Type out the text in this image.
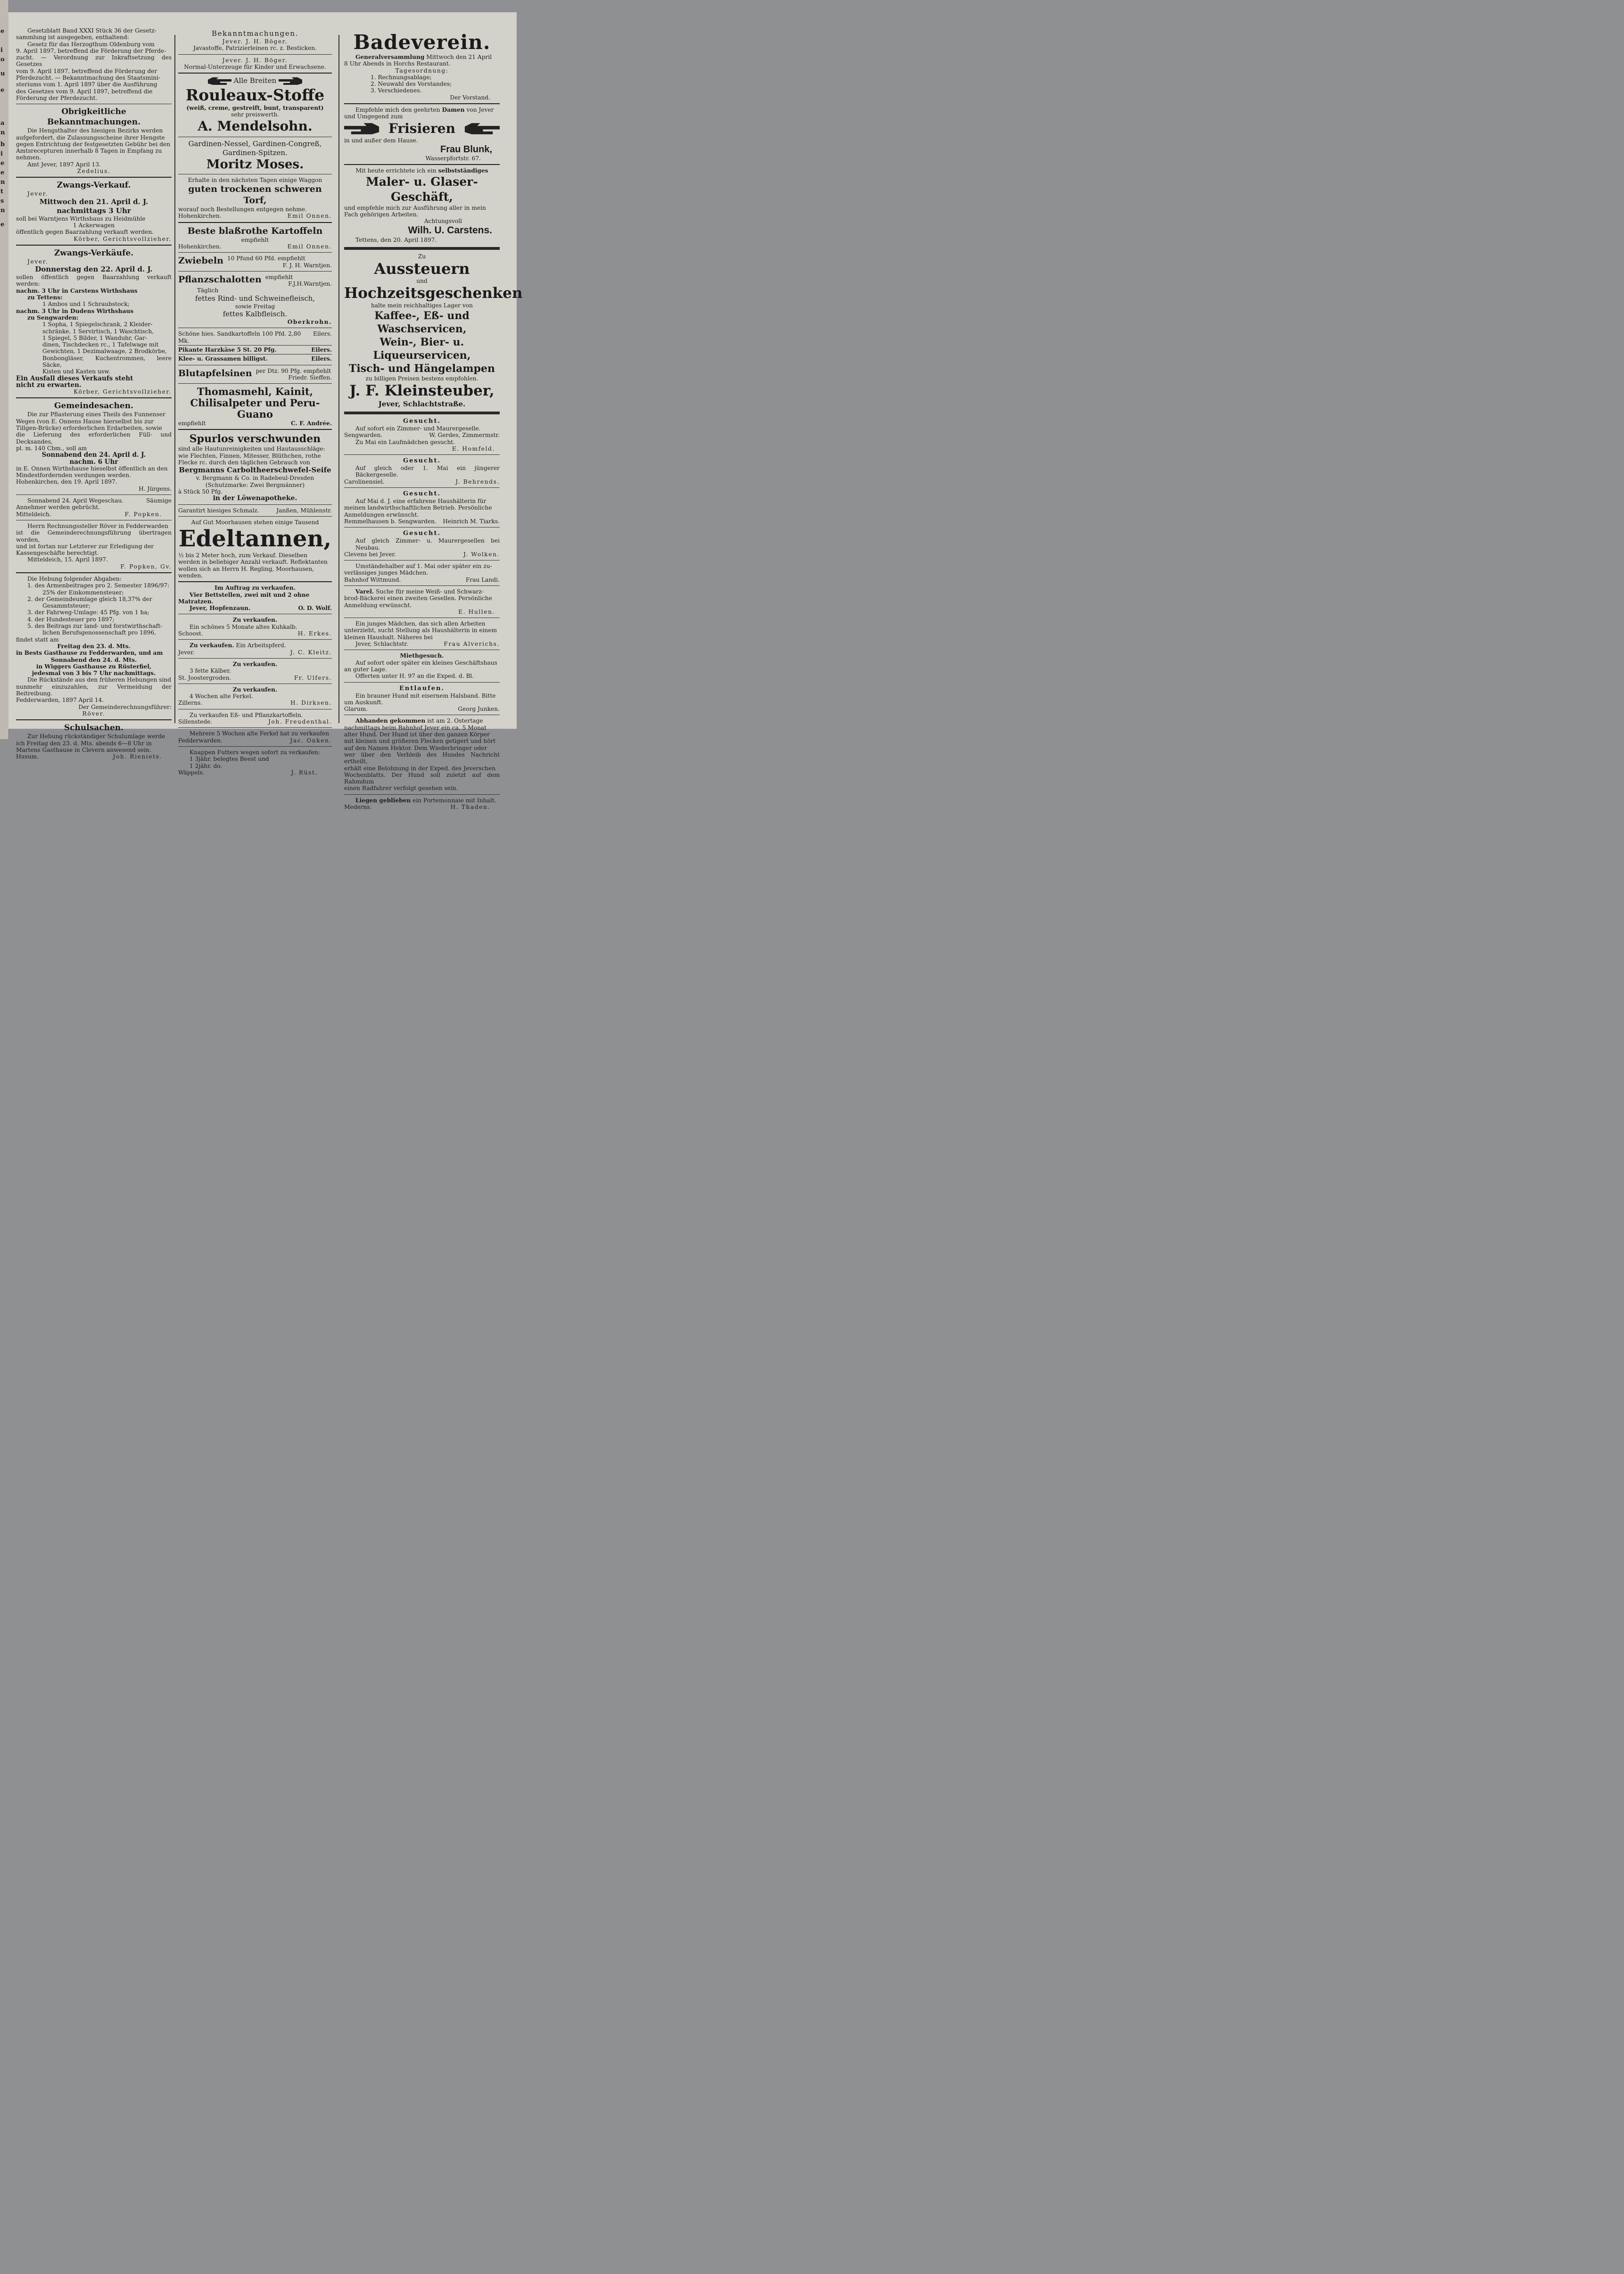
e
i
o
u
e
a
n
b
i
e
e
n
t
s
n
e

Gesetzblatt Band XXXI Stück 36 der Gesetz-

sammlung ist ausgegeben, enthaltend:

Gesetz für das Herzogthum Oldenburg vom

9. April 1897, betreffend die Förderung der Pferde-

zucht. — Verordnung zur Inkraftsetzung des Gesetzes

vom 9. April 1897, betreffend die Förderung der

Pferdezucht. — Bekanntmachung des Staatsmini-

steriums vom 1. April 1897 über die Ausführung

des Gesetzes vom 9. April 1897, betreffend die

Förderung der Pferdezucht.

Obrigkeitliche Bekanntmachungen.

Die Hengsthalter des hiesigen Bezirks werden

aufgefordert, die Zulassungsscheine ihrer Hengste

gegen Entrichtung der festgesetzten Gebühr bei den

Amtsrecepturen innerhalb 8 Tagen in Empfang zu

nehmen.

Amt Jever, 1897 April 13.

Zedelius.

Zwangs-Verkauf.

Jever.

Mittwoch den 21. April d. J.

nachmittags 3 Uhr

soll bei Warntjens Wirthshaus zu Heidmühle

1 Ackerwagen

öffentlich gegen Baarzahlung verkauft werden.

Körber, Gerichtsvollzieher.

Zwangs-Verkäufe.

Jever.

Donnerstag den 22. April d. J.

sollen öffentlich gegen Baarzahlung verkauft werden:

nachm. 3 Uhr in Carstens Wirthshaus

zu Tettens:

1 Ambos und 1 Schraubstock;

nachm. 3 Uhr in Dudens Wirthshaus

zu Sengwarden:

1 Sopha, 1 Spiegelschrank, 2 Kleider-

schränke, 1 Servirtisch, 1 Waschtisch,

1 Spiegel, 5 Bilder, 1 Wanduhr, Gar-

dinen, Tischdecken rc., 1 Tafelwage mit

Gewichten, 1 Dezimalwaage, 2 Brodkörbe,

Bonbongläser, Kuchentrommen, leere Säcke,

Kisten und Kasten usw.

Ein Ausfall dieses Verkaufs steht

nicht zu erwarten.

Körber, Gerichtsvollzieher.

Gemeindesachen.

Die zur Pflasterung eines Theils des Funnenser

Weges (von E. Onnens Hause hierselbst bis zur

Tillgen-Brücke) erforderlichen Erdarbeiten, sowie

die Lieferung des erforderlichen Füll- und Decksandes,

pl. m. 140 Cbm., soll am

Sonnabend den 24. April d. J.

nachm. 6 Uhr

in E. Onnen Wirthshause hieselbst öffentlich an den

Mindestfordernden verdungen werden.

Hohenkirchen, den 19. April 1897.

H. Jürgens.

Sonnabend 24. April Wegeschau.	Säumige

Annehmer werden gebrücht.

Mitteldeich.	F. Popken.

Herrn Rechnungssteller Röver in Fedderwarden

ist die Gemeinderechnungsführung übertragen worden,

und ist fortan nur Letzterer zur Erledigung der

Kassengeschäfte berechtigt.

Mitteldeich, 15. April 1897.

F. Popken, Gv.

Die Hebung folgender Abgaben:

1. des Armenbeitrages pro 2. Semester 1896/97:

25% der Einkommensteuer;

2. der Gemeindeumlage gleich 18,37% der

Gesammtsteuer;

3. der Fahrweg-Umlage: 45 Pfg. von 1 ha;

4. der Hundesteuer pro 1897;

5. des Beitrags zur land- und forstwirthschaft-

lichen Berufsgenossenschaft pro 1896,

findet statt am

Freitag den 23. d. Mts.

in Bests Gasthause zu Fedderwarden, und am

Sonnabend den 24. d. Mts.

in Wiggers Gasthause zu Rüsterfiel,

jedesmal von 3 bis 7 Uhr nachmittags.

Die Rückstände aus den früheren Hebungen sind

nunmehr einzuzahlen, zur Vermeidung der Beitreibung.

Fedderwarden, 1897 April 14.

Der Gemeinderechnungsführer:

Röver.

Schulsachen.

Zur Hebung rückständiger Schulumlage werde

ich Freitag den 23. d. Mts. abends 6—8 Uhr in

Martens Gasthause in Clevern anwesend sein.

Husum.	Joh. Rieniets.

Bekanntmachungen.

Jever. J. H. Böger.

Javastoffe, Patrizierleinen rc. z. Besticken.

Jever. J. H. Böger.

Normal-Unterzeuge für Kinder und Erwachsene.

Alle Breiten

Rouleaux-Stoffe

(weiß, creme, gestreift, bunt, transparent)

sehr preiswerth.

A. Mendelsohn.

Gardinen-Nessel, Gardinen-Congreß,

Gardinen-Spitzen.

Moritz Moses.

Erhalte in den nächsten Tagen einige Waggon

guten trockenen schweren Torf,

worauf noch Bestellungen entgegen nehme.

Hohenkirchen.	Emil Onnen.

Beste blaßrothe Kartoffeln

empfiehlt

Hohenkirchen.	Emil Onnen.
Zwiebeln 10 Pfund 60 Pfd. empfiehlt

F. J. H. Warntjen.

Pflanzschalotten empfiehlt

F.J.H.Warntjen.

Täglich

fettes Rind- und Schweinefleisch,

sowie Freitag

fettes Kalbfleisch.

Oberkrohn.

Schöne hies. Sandkartoffeln 100 Pfd. 2,80 Mk.
Eilers.
Pikante Harzkäse 5 St. 20 Pfg.	Eilers.
Klee- u. Grassamen billigst.	Eilers.
Blutapfelsinen per Dtz. 90 Pfg. empfiehlt

Friedr. Sieffen.

Thomasmehl, Kainit,

Chilisalpeter und Peru-Guano

empfiehlt	C. F. Andrée.

Spurlos verschwunden

sind alle Hautunreinigkeiten und Hautausschläge:

wie Flechten, Finnen, Mitesser, Blüthchen, rothe

Flecke rc. durch den täglichen Gebrauch von

Bergmanns Carbolthеerschwefel-Seife

v. Bergmann & Co. in Radebeul-Dresden

(Schutzmarke: Zwei Bergmänner)

à Stück 50 Pfg.

in der Löwenapotheke.

Garantirt hiesiges Schmalz.	Janßen, Mühlenstr.

Auf Gut Moorhausen stehen einige Tausend

Edeltannen,

½ bis 2 Meter hoch, zum Verkauf. Dieselben

werden in beliebiger Anzahl verkauft. Reflektanten

wollen sich an Herrn H. Regling, Moorhausen,

wenden.

Im Auftrag zu verkaufen.

Vier Bettstellen, zwei mit und 2 ohne

Matratzen.

Jever, Hopfenzaun.	O. D. Wolf.

Zu verkaufen.

Ein schönes 5 Monate altes Kuhkalb.

Schoost.	H. Erkes.

Zu verkaufen. Ein Arbeitspferd.

Jever.	J. C. Kleitz.

Zu verkaufen.

3 fette Kälber.

St. Joostergroden.	Fr. Ulfers.

Zu verkaufen.

4 Wochen alte Ferkel.

Zillerns.	H. Dirksen.

Zu verkaufen Eß- und Pflanzkartoffeln.

Sillenstede.	Joh. Freudenthal.

Mehrere 5 Wochen alte Ferkel hat zu verkaufen

Fedderwarden.	Jac. Onken.

Knappen Futters wegen sofort zu verkaufen:

1 3jähr. belegtes Beest und

1 2jähr. do.

Wäppels.	J. Rüst.

Badeverein.

Generalversammlung Mittwoch den 21 April

8 Uhr Abends in Horchs Restaurant.

Tagesordnung:

1. Rechnungsablage;

2. Neuwahl des Vorstandes;

3. Verschiedenes.

Der Vorstand.

Empfehle mich den geehrten Damen von Jever

und Umgegend zum

Frisieren

in und außer dem Hause.

Frau Blunk,

Wasserpfortstr. 67.

Mit heute errichtete ich ein selbstständiges

Maler- u. Glaser-Geschäft,

und empfehle mich zur Ausführung aller in mein

Fach gehörigen Arbeiten.

Achtungsvoll

Wilh. U. Carstens.

Tettens, den 20. April 1897.

Zu

Aussteuern

und

Hochzeitsgeschenken

halte mein reichhaltiges Lager von

Kaffee-, Eß- und Waschservicen,

Wein-, Bier- u. Liqueurservicen,

Tisch- und Hängelampen

zu billigen Preisen bestens empfohlen.

J. F. Kleinsteuber,

Jever, Schlachtstraße.

Gesucht.

Auf sofort ein Zimmer- und Maurergeselle.

Sengwarden.	W. Gerdes, Zimmermstr.

Zu Mai ein Laufmädchen gesucht.

E. Homfeld.

Gesucht.

Auf gleich oder 1. Mai ein jüngerer Bäckergeselle.

Carolinensiel.	J. Behrends.

Gesucht.

Auf Mai d. J. eine erfahrene Haushälterin für

meinen landwirthschaftlichen Betrieb. Persönliche

Anmeldungen erwünscht.

Remmelhausen b. Sengwarden. Heinrich M. Tiarks.

Gesucht.

Auf gleich Zimmer- u. Maurergesellen bei Neubau.

Clevens bei Jever.	J. Wolken.

Umständehalber auf 1. Mai oder später ein zu-

verlässiges junges Mädchen.

Bahnhof Wittmund.	Frau Landi.

Varel. Suche für meine Weiß- und Schwarz-

brod-Bäckerei einen zweiten Gesellen. Persönliche

Anmeldung erwünscht.

E. Hullen.

Ein junges Mädchen, das sich allen Arbeiten

unterzieht, sucht Stellung als Haushälterin in einem

kleinen Haushalt. Näheres bei

Jever, Schlachtstr.	Frau Alverichs.

Miethgesuch.

Auf sofort oder später ein kleines Geschäftshaus

an guter Lage.

Offerten unter H. 97 an die Exped. d. Bl.

Entlaufen.

Ein brauner Hund mit eisernem Halsband. Bitte

um Auskunft.

Glarum.	Georg Junken.

Abhanden gekommen ist am 2. Ostertage

nachmittags beim Bahnhof Jever ein ca. 5 Monat

alter Hund. Der Hund ist über den ganzen Körper

mit kleinen und größeren Flecken getigert und hört

auf den Namen Hektor. Dem Wiederbringer oder

wer über den Verbleib des Hundes Nachricht ertheilt,

erhält eine Belohnung in der Exped. des Jeverschen

Wochenblatts. Der Hund soll zuletzt auf dem Rahmdum

einen Radfahrer verfolgt gesehen sein.

Liegen geblieben ein Portemonnaie mit Inhalt.

Mederns.	H. Thaden.
